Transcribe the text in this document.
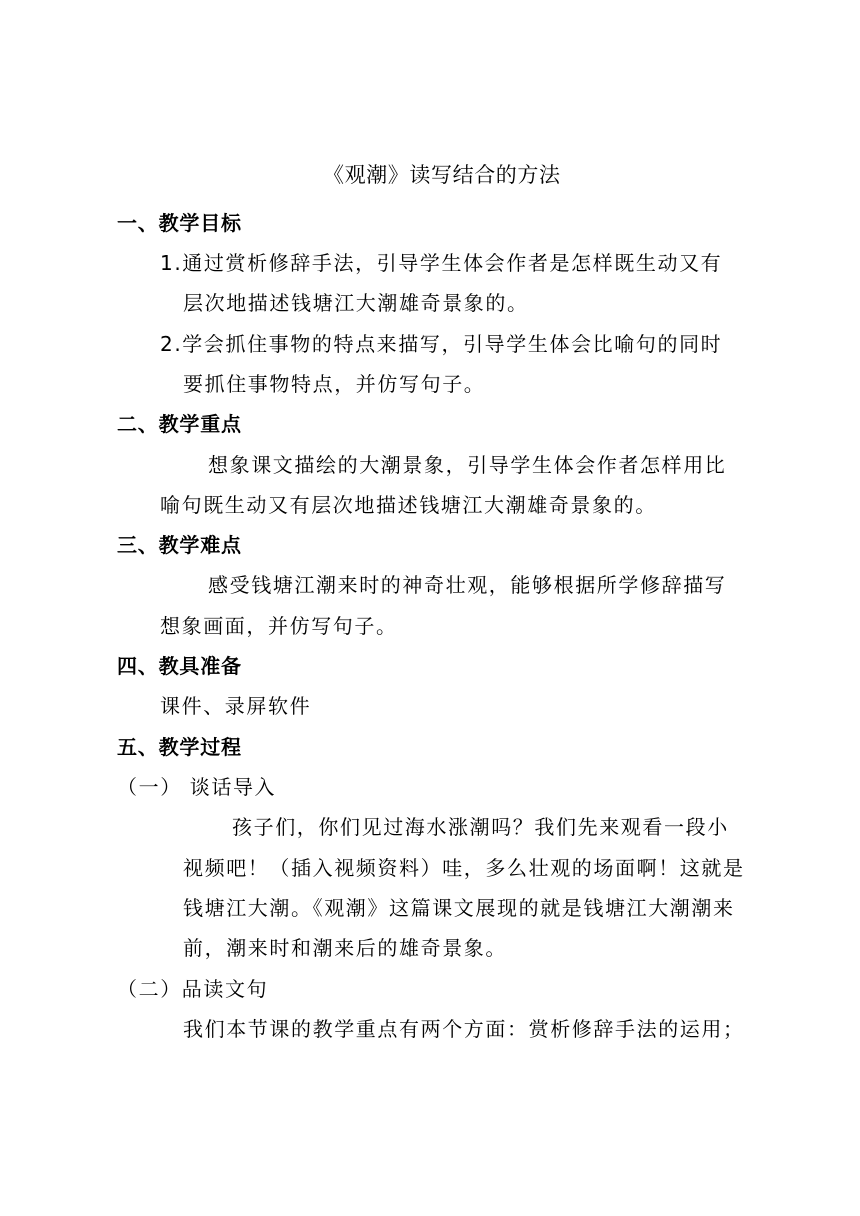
《观潮》读写结合的方法
一、教学目标
1.通过赏析修辞手法，引导学生体会作者是怎样既生动又有
层次地描述钱塘江大潮雄奇景象的。
2.学会抓住事物的特点来描写，引导学生体会比喻句的同时
要抓住事物特点，并仿写句子。
二、教学重点
想象课文描绘的大潮景象，引导学生体会作者怎样用比
喻句既生动又有层次地描述钱塘江大潮雄奇景象的。
三、教学难点
感受钱塘江潮来时的神奇壮观，能够根据所学修辞描写
想象画面，并仿写句子。
四、教具准备
课件、录屏软件
五、教学过程
（一） 谈话导入
孩子们，你们见过海水涨潮吗？我们先来观看一段小
视频吧！（插入视频资料）哇，多么壮观的场面啊！这就是
钱塘江大潮。《观潮》这篇课文展现的就是钱塘江大潮潮来
前，潮来时和潮来后的雄奇景象。
（二）品读文句
我们本节课的教学重点有两个方面：赏析修辞手法的运用；
